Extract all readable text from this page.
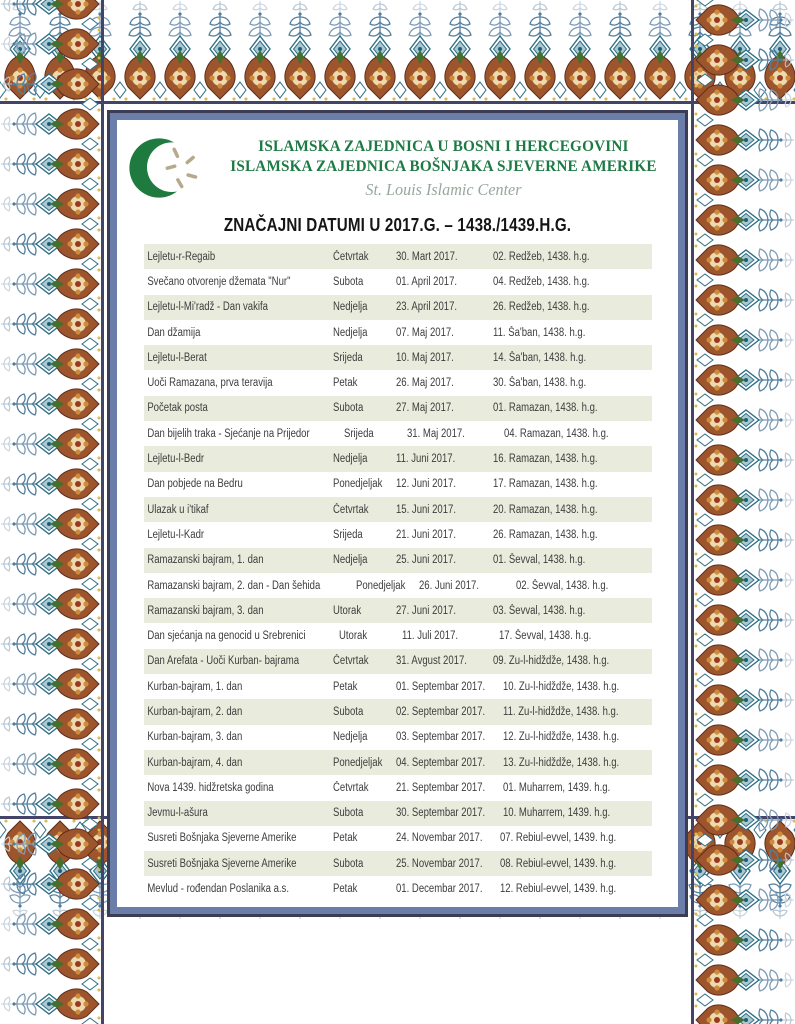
ISLAMSKA ZAJEDNICA U BOSNI I HERCEGOVINI
ISLAMSKA ZAJEDNICA BOŠNJAKA SJEVERNE AMERIKE
St. Louis Islamic Center
ZNAČAJNI DATUMI U 2017.G. – 1438./1439.H.G.
Lejletu-r-Regaib	Četvrtak	30. Mart 2017.	02. Redžeb, 1438. h.g.
Svečano otvorenje džemata "Nur"	Subota	01. April 2017.	04. Redžeb, 1438. h.g.
Lejletu-l-Mi'radž - Dan vakifa	Nedjelja	23. April 2017.	26. Redžeb, 1438. h.g.
Dan džamija	Nedjelja	07. Maj 2017.	11. Ša'ban, 1438. h.g.
Lejletu-l-Berat	Srijeda	10. Maj 2017.	14. Ša'ban, 1438. h.g.
Uoči Ramazana, prva teravija	Petak	26. Maj 2017.	30. Ša'ban, 1438. h.g.
Početak posta	Subota	27. Maj 2017.	01. Ramazan, 1438. h.g.
Dan bijelih traka - Sjećanje na Prijedor	Srijeda	31. Maj 2017.	04. Ramazan, 1438. h.g.
Lejletu-l-Bedr	Nedjelja	11. Juni 2017.	16. Ramazan, 1438. h.g.
Dan pobjede na Bedru	Ponedjeljak 12. Juni 2017.	17. Ramazan, 1438. h.g.
Ulazak u i'tikaf	Četvrtak	15. Juni 2017.	20. Ramazan, 1438. h.g.
Lejletu-l-Kadr	Srijeda	21. Juni 2017.	26. Ramazan, 1438. h.g.
Ramazanski bajram, 1. dan	Nedjelja	25. Juni 2017.	01. Ševval, 1438. h.g.
Ramazanski bajram, 2. dan - Dan šehida	Ponedjeljak 26. Juni 2017.	02. Ševval, 1438. h.g.
Ramazanski bajram, 3. dan	Utorak	27. Juni 2017.	03. Ševval, 1438. h.g.
Dan sjećanja na genocid u Srebrenici	Utorak	11. Juli 2017.	17. Ševval, 1438. h.g.
Dan Arefata - Uoči Kurban- bajrama	Četvrtak	31. Avgust 2017.	09. Zu-l-hidždže, 1438. h.g.
Kurban-bajram, 1. dan	Petak	01. Septembar 2017. 10. Zu-l-hidždže, 1438. h.g.
Kurban-bajram, 2. dan	Subota	02. Septembar 2017. 11. Zu-l-hidždže, 1438. h.g.
Kurban-bajram, 3. dan	Nedjelja	03. Septembar 2017. 12. Zu-l-hidždže, 1438. h.g.
Kurban-bajram, 4. dan	Ponedjeljak 04. Septembar 2017. 13. Zu-l-hidždže, 1438. h.g.
Nova 1439. hidžretska godina	Četvrtak	21. Septembar 2017. 01. Muharrem, 1439. h.g.
Jevmu-l-ašura	Subota	30. Septembar 2017. 10. Muharrem, 1439. h.g.
Susreti Bošnjaka Sjeverne Amerike	Petak	24. Novembar 2017. 07. Rebiul-evvel, 1439. h.g.
Susreti Bošnjaka Sjeverne Amerike	Subota	25. Novembar 2017. 08. Rebiul-evvel, 1439. h.g.
Mevlud - rođendan Poslanika a.s.	Petak	01. Decembar 2017. 12. Rebiul-evvel, 1439. h.g.
